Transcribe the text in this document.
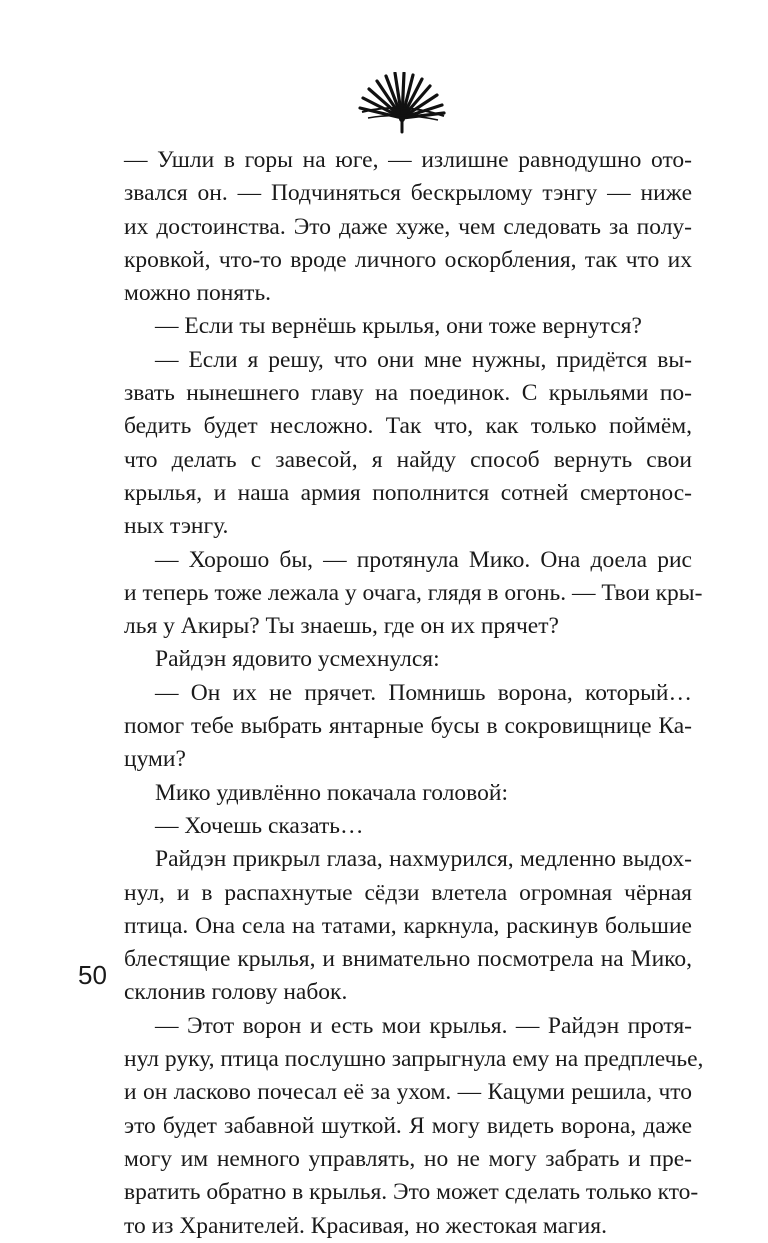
— Ушли в горы на юге, — излишне равнодушно ото-
звался он. — Подчиняться бескрылому тэнгу — ниже
их достоинства. Это даже хуже, чем следовать за полу-
кровкой, что-то вроде личного оскорбления, так что их
можно понять.
— Если ты вернёшь крылья, они тоже вернутся?
— Если я решу, что они мне нужны, придётся вы-
звать нынешнего главу на поединок. С крыльями по-
бедить будет несложно. Так что, как только поймём,
что делать с завесой, я найду способ вернуть свои
крылья, и наша армия пополнится сотней смертонос-
ных тэнгу.
— Хорошо бы, — протянула Мико. Она доела рис
и теперь тоже лежала у очага, глядя в огонь. — Твои кры-
лья у Акиры? Ты знаешь, где он их прячет?
Райдэн ядовито усмехнулся:
— Он их не прячет. Помнишь ворона, который…
помог тебе выбрать янтарные бусы в сокровищнице Ка-
цуми?
Мико удивлённо покачала головой:
— Хочешь сказать…
Райдэн прикрыл глаза, нахмурился, медленно выдох-
нул, и в распахнутые сёдзи влетела огромная чёрная
птица. Она села на татами, каркнула, раскинув большие
блестящие крылья, и внимательно посмотрела на Мико,
склонив голову набок.
— Этот ворон и есть мои крылья. — Райдэн протя-
нул руку, птица послушно запрыгнула ему на предплечье,
и он ласково почесал её за ухом. — Кацуми решила, что
это будет забавной шуткой. Я могу видеть ворона, даже
могу им немного управлять, но не могу забрать и пре-
вратить обратно в крылья. Это может сделать только кто-
то из Хранителей. Красивая, но жестокая магия.
50
